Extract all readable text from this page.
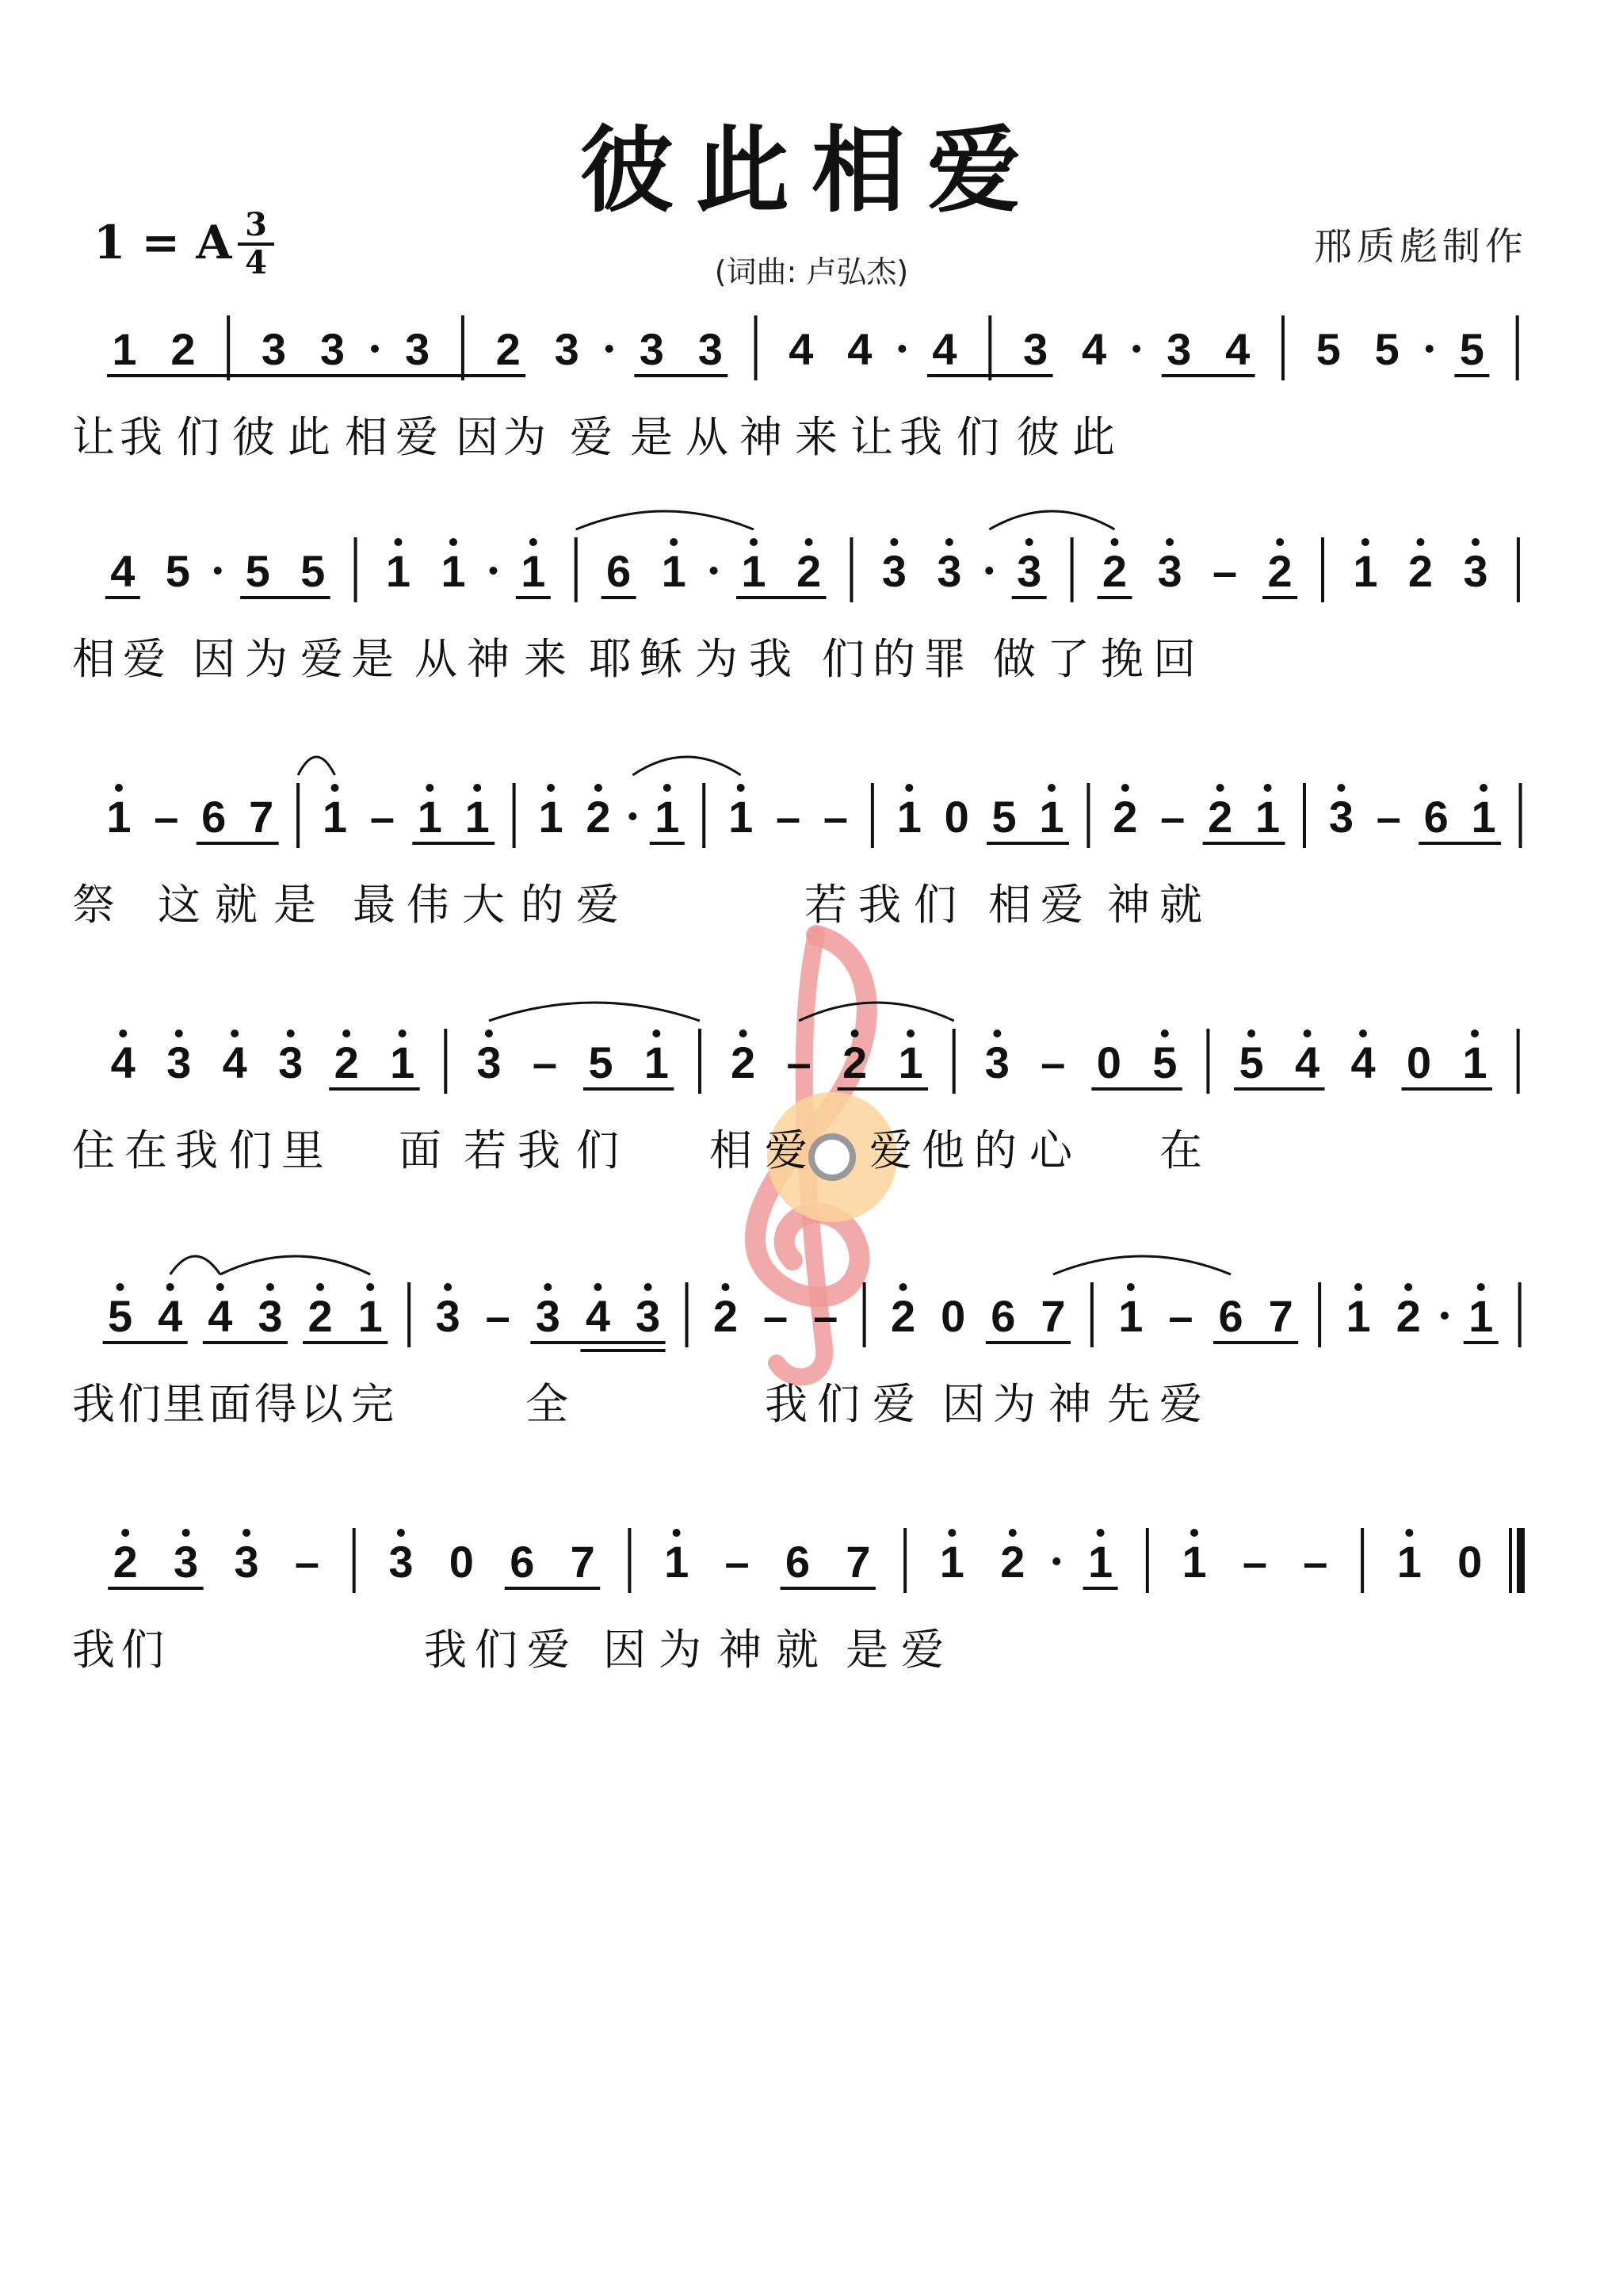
彼此相爱
1 = A 3
4	(词曲: 卢弘杰)
邢质彪制作
1 2 3 3 3 2 3 3 3 4 4 4 3 4 3 4 5 5 5
让 我 们 彼 此 相 爱 因 为 爱 是 从 神 来 让 我 们 彼 此
4 5 5 5 1 1 1 6 1 1 2 3 3 3 2 3 – 2 1 2 3
相 爱 因 为 爱 是 从 神 来 耶 稣 为 我 们 的 罪 做 了 挽 回
1 – 6 7 1 – 1 1 1 2 1 1 – – 1 0 5 1 2 – 2 1 3 – 6 1
祭 这 就 是 最 伟 大 的 爱	若 我 们 相 爱 神 就
4 3 4 3 2 1 3 – 5 1 2 – 2 1 3 – 0 5 5 4 4 0 1
住 在 我 们 里 面 若 我 们 相 爱 爱 他 的 心 在
5 4 4 3 2 1 3 – 3 4 3 2 – – 2 0 6 7 1 – 6 7 1 2 1
我 们 里 面 得 以 完	全	我 们 爱 因 为 神 先 爱
2 3 3 – 3 0 6 7 1 – 6 7 1 2 1 1 – – 1 0
我 们	我 们 爱 因 为 神 就 是 爱
